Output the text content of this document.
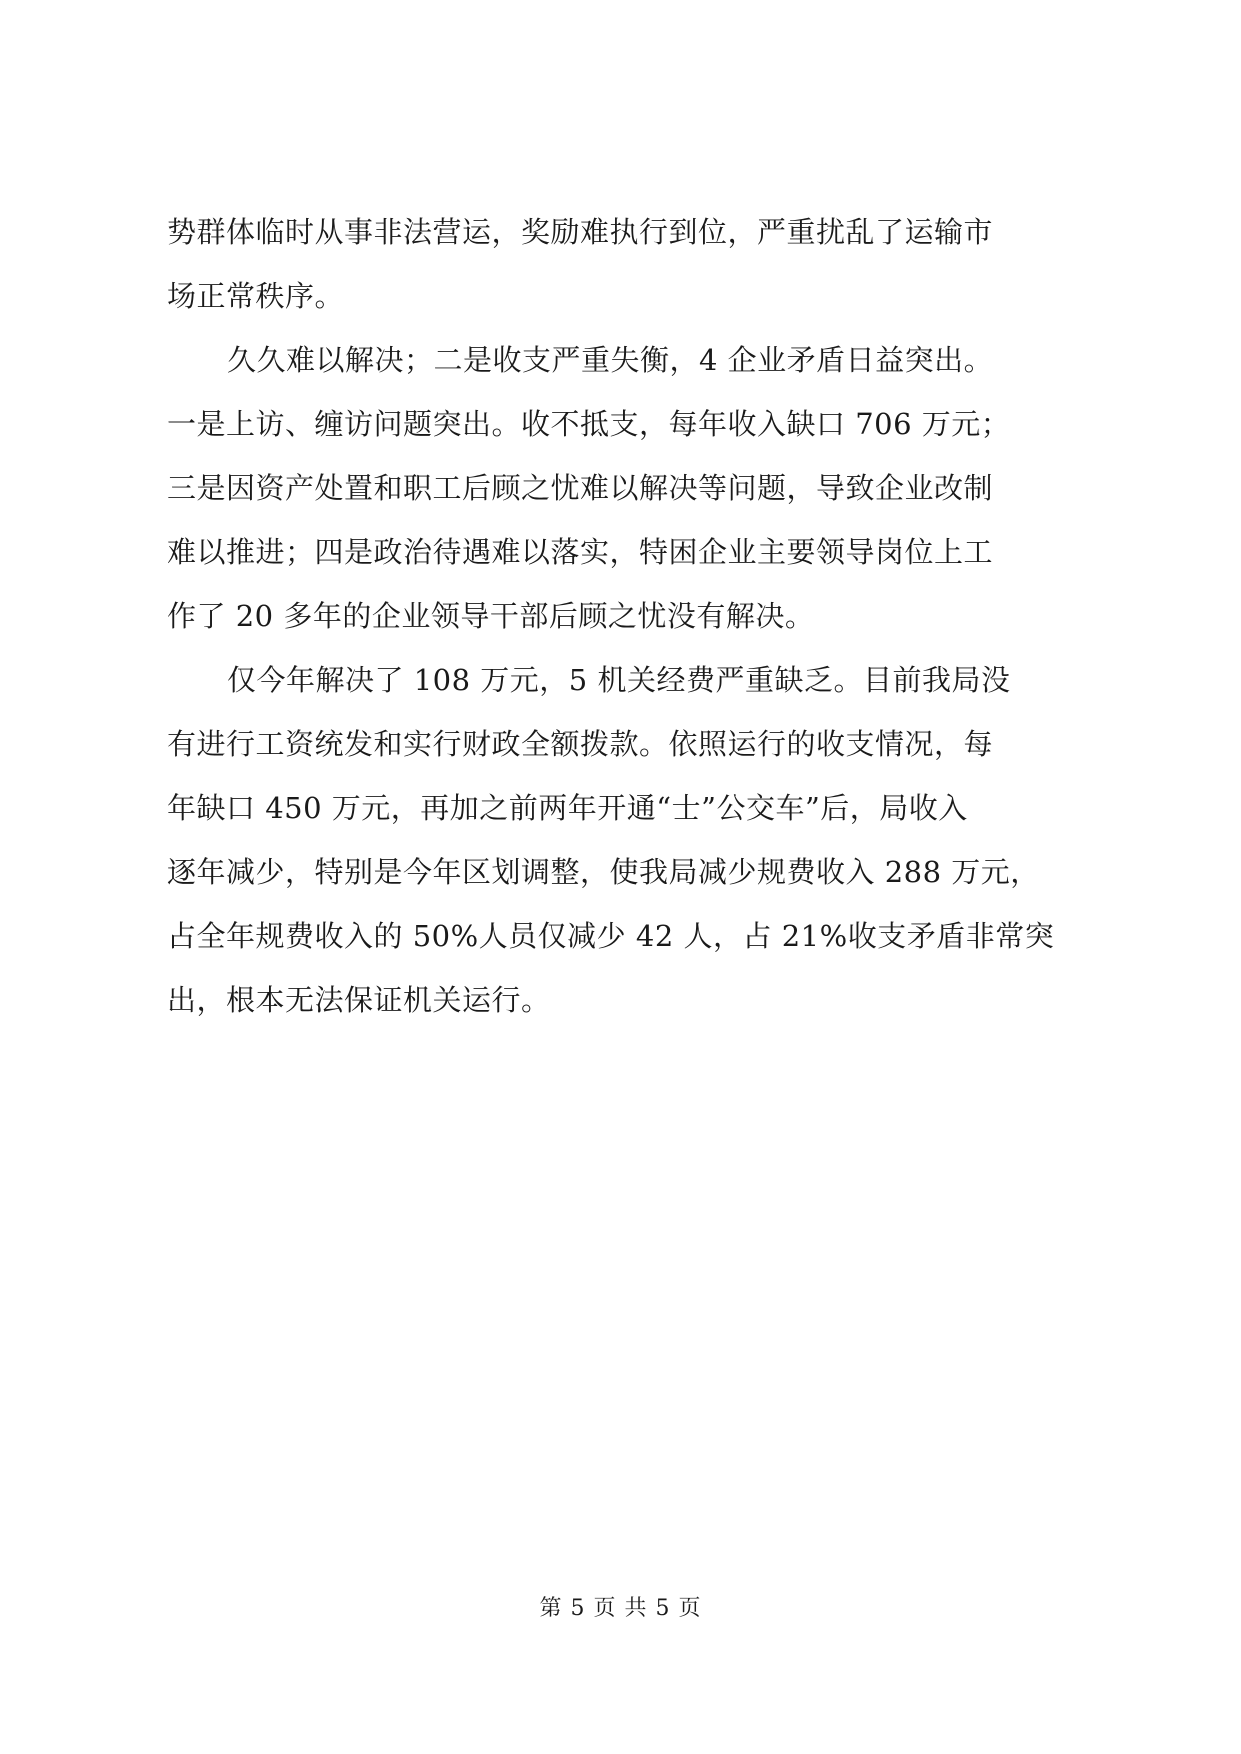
势群体临时从事非法营运，奖励难执行到位，严重扰乱了运输市
场正常秩序。
久久难以解决；二是收支严重失衡，4 企业矛盾日益突出。
一是上访、缠访问题突出。收不抵支，每年收入缺口 706 万元；
三是因资产处置和职工后顾之忧难以解决等问题，导致企业改制
难以推进；四是政治待遇难以落实，特困企业主要领导岗位上工
作了 20 多年的企业领导干部后顾之忧没有解决。
仅今年解决了 108 万元，5 机关经费严重缺乏。目前我局没
有进行工资统发和实行财政全额拨款。依照运行的收支情况，每
年缺口 450 万元，再加之前两年开通“士”公交车”后，局收入
逐年减少，特别是今年区划调整，使我局减少规费收入 288 万元，
占全年规费收入的 50%人员仅减少 42 人，占 21%收支矛盾非常突
出，根本无法保证机关运行。
第 5 页 共 5 页
